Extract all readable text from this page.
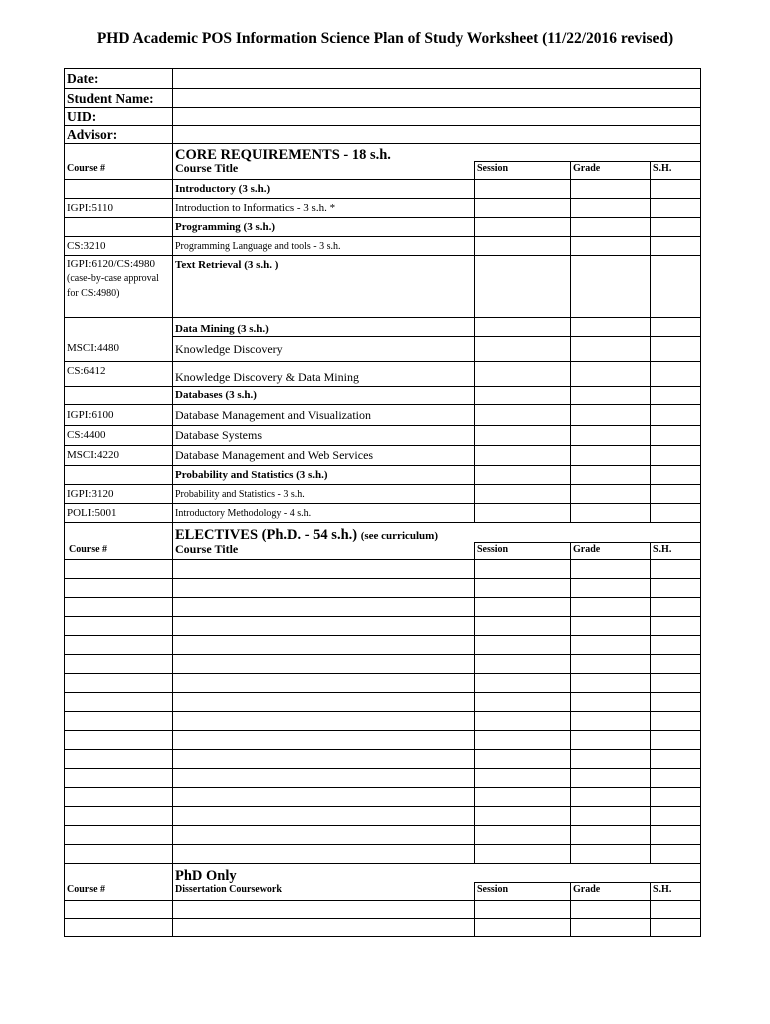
PHD Academic POS Information Science Plan of Study Worksheet (11/22/2016 revised)
Date:				
Student Name:				
UID:				
Advisor:				
	CORE REQUIREMENTS - 18 s.h.			
Course #	Course Title	Session	Grade	S.H.
	Introductory (3 s.h.)			
IGPI:5110	Introduction to Informatics - 3 s.h. *			
	Programming (3 s.h.)			
CS:3210	Programming Language and tools - 3 s.h.			

IGPI:6120/CS:4980
(case-by-case approval for CS:4980)	Text Retrieval (3 s.h. )			
	Data Mining (3 s.h.)			
MSCI:4480	Knowledge Discovery			
CS:6412	Knowledge Discovery & Data Mining			
	Databases (3 s.h.)			
IGPI:6100	Database Management and Visualization			
CS:4400	Database Systems			
MSCI:4220	Database Management and Web Services			
	Probability and Statistics (3 s.h.)			
IGPI:3120	Probability and Statistics - 3 s.h.			
POLI:5001	Introductory Methodology - 4 s.h.			
	ELECTIVES (Ph.D. - 54 s.h.) (see curriculum)			
Course #	Course Title	Session	Grade	S.H.

	PhD Only			
Course #	Dissertation Coursework	Session	Grade	S.H.
